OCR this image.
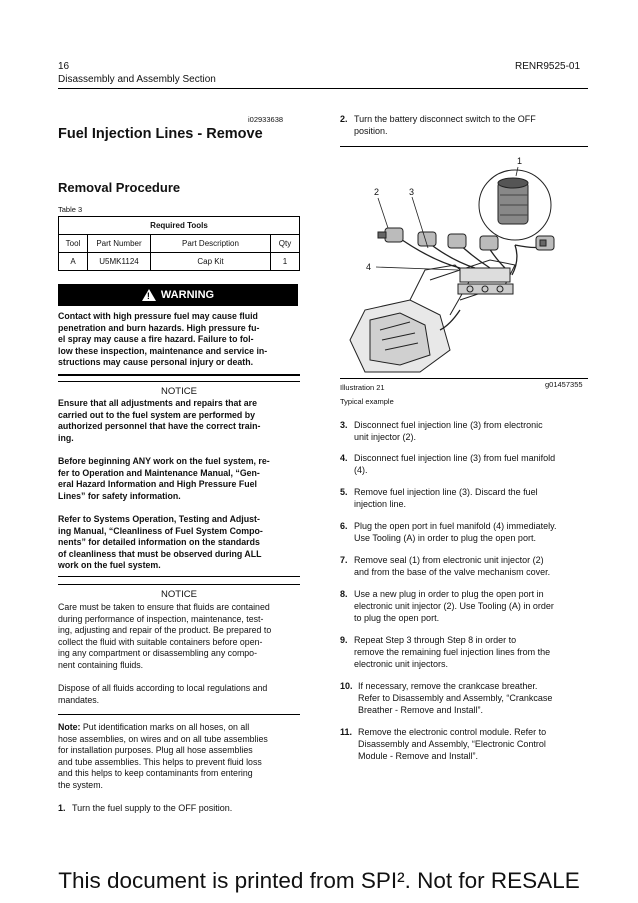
16
Disassembly and Assembly Section
RENR9525-01
i02933638
Fuel Injection Lines - Remove
Removal Procedure
Table 3
Required Tools			
Tool	Part Number	Part Description	Qty
A	U5MK1124	Cap Kit	1
! WARNING
Contact with high pressure fuel may cause fluid
penetration and burn hazards. High pressure fu-
el spray may cause a fire hazard. Failure to fol-
low these inspection, maintenance and service in-
structions may cause personal injury or death.
NOTICE
Ensure that all adjustments and repairs that are
carried out to the fuel system are performed by
authorized personnel that have the correct train-
ing.
Before beginning ANY work on the fuel system, re-
fer to Operation and Maintenance Manual, “Gen-
eral Hazard Information and High Pressure Fuel
Lines” for safety information.
Refer to Systems Operation, Testing and Adjust-
ing Manual, “Cleanliness of Fuel System Compo-
nents” for detailed information on the standards
of cleanliness that must be observed during ALL
work on the fuel system.
NOTICE
Care must be taken to ensure that fluids are contained
during performance of inspection, maintenance, test-
ing, adjusting and repair of the product. Be prepared to
collect the fluid with suitable containers before open-
ing any compartment or disassembling any compo-
nent containing fluids.
Dispose of all fluids according to local regulations and
mandates.
Note: Put identification marks on all hoses, on all
hose assemblies, on wires and on all tube assemblies
for installation purposes. Plug all hose assemblies
and tube assemblies. This helps to prevent fluid loss
and this helps to keep contaminants from entering
the system.
1. Turn the fuel supply to the OFF position.
2. Turn the battery disconnect switch to the OFF
position.
1
2	3
4
Illustration 21	g01457355
Typical example
3. Disconnect fuel injection line (3) from electronic
unit injector (2).
4. Disconnect fuel injection line (3) from fuel manifold
(4).
5. Remove fuel injection line (3). Discard the fuel
injection line.
6. Plug the open port in fuel manifold (4) immediately.
Use Tooling (A) in order to plug the open port.
7. Remove seal (1) from electronic unit injector (2)
and from the base of the valve mechanism cover.
8. Use a new plug in order to plug the open port in
electronic unit injector (2). Use Tooling (A) in order
to plug the open port.
9. Repeat Step 3 through Step 8 in order to
remove the remaining fuel injection lines from the
electronic unit injectors.
10. If necessary, remove the crankcase breather.
Refer to Disassembly and Assembly, “Crankcase
Breather - Remove and Install”.
11. Remove the electronic control module. Refer to
Disassembly and Assembly, “Electronic Control
Module - Remove and Install”.
This document is printed from SPI². Not for RESALE
